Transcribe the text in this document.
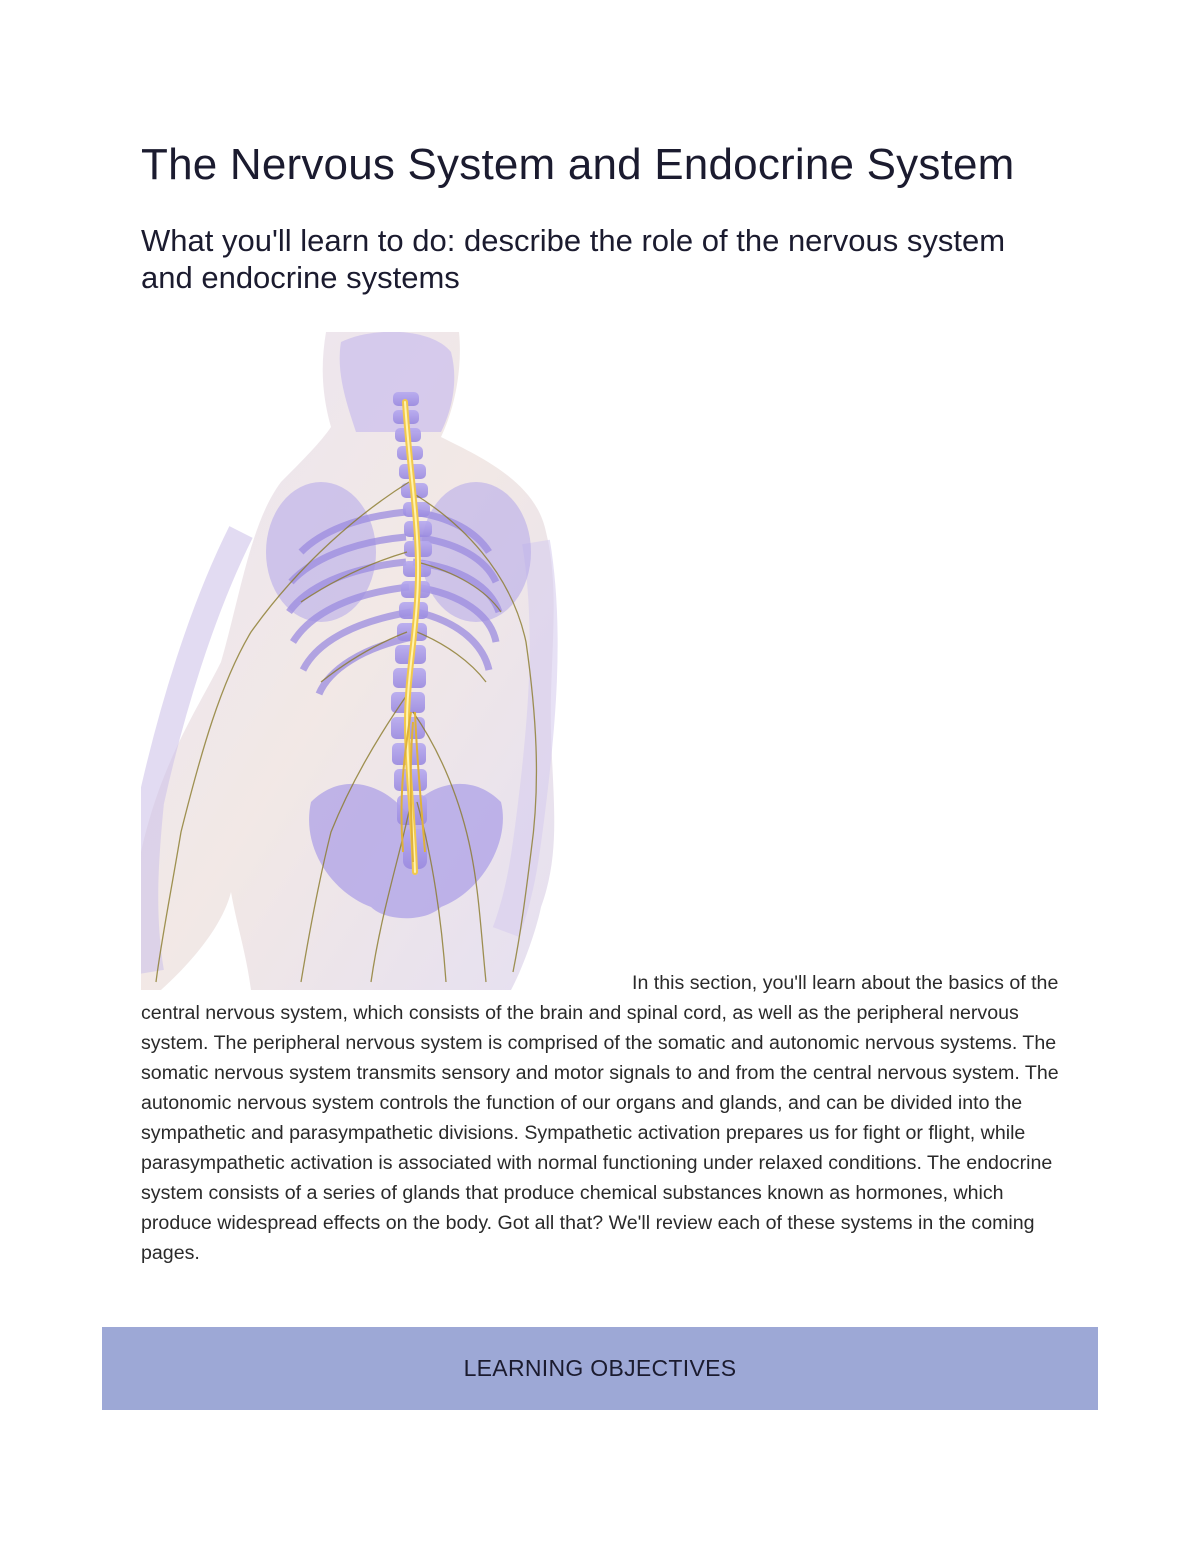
The Nervous System and Endocrine System
What you'll learn to do: describe the role of the nervous system and endocrine systems

In this section, you'll learn about the basics of the central nervous system, which consists of the brain and spinal cord, as well as the peripheral nervous system. The peripheral nervous system is comprised of the somatic and autonomic nervous systems. The somatic nervous system transmits sensory and motor signals to and from the central nervous system. The autonomic nervous system controls the function of our organs and glands, and can be divided into the sympathetic and parasympathetic divisions. Sympathetic activation prepares us for fight or flight, while parasympathetic activation is associated with normal functioning under relaxed conditions. The endocrine system consists of a series of glands that produce chemical substances known as hormones, which produce widespread effects on the body. Got all that? We'll review each of these systems in the coming pages.

LEARNING OBJECTIVES
